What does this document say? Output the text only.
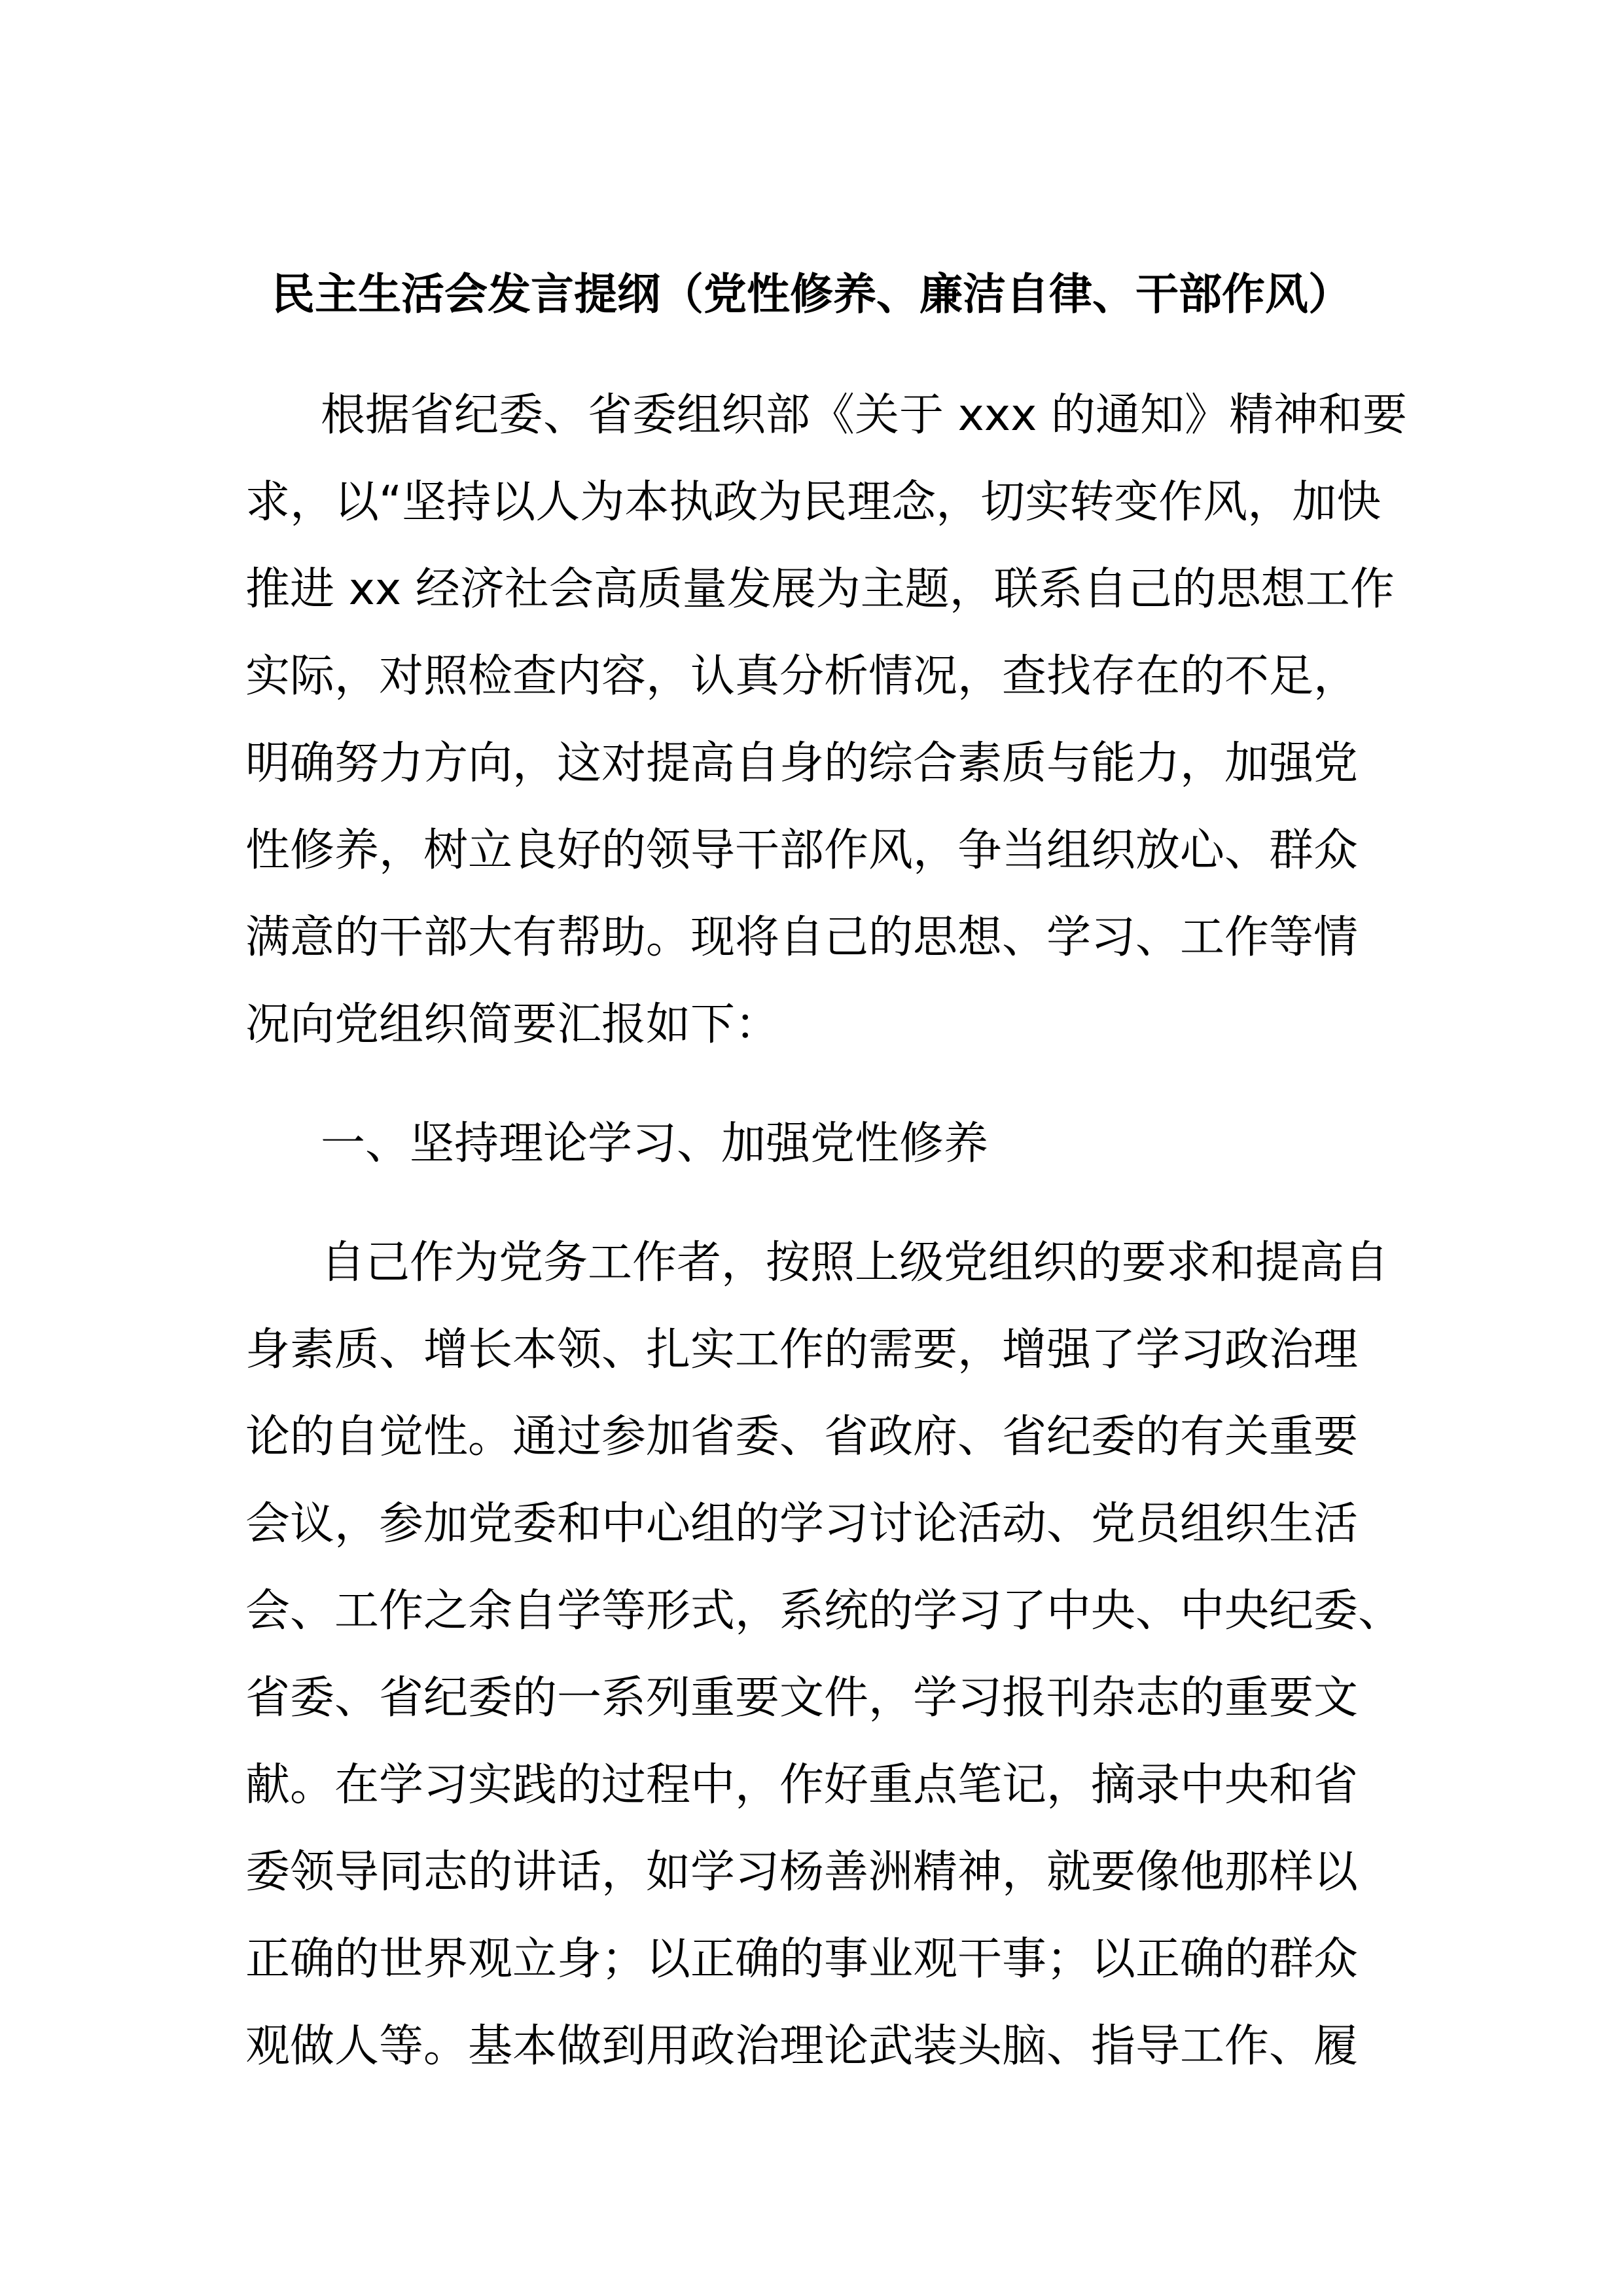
民主生活会发言提纲（党性修养、廉洁自律、干部作风）
根据省纪委、省委组织部《关于 xxx 的通知》精神和要
求，以“坚持以人为本执政为民理念，切实转变作风，加快
推进 xx 经济社会高质量发展为主题，联系自己的思想工作
实际，对照检查内容，认真分析情况，查找存在的不足，
明确努力方向，这对提高自身的综合素质与能力，加强党
性修养，树立良好的领导干部作风，争当组织放心、群众
满意的干部大有帮助。现将自己的思想、学习、工作等情
况向党组织简要汇报如下：
一、坚持理论学习、加强党性修养
自己作为党务工作者，按照上级党组织的要求和提高自
身素质、增长本领、扎实工作的需要，增强了学习政治理
论的自觉性。通过参加省委、省政府、省纪委的有关重要
会议，参加党委和中心组的学习讨论活动、党员组织生活
会、工作之余自学等形式，系统的学习了中央、中央纪委、
省委、省纪委的一系列重要文件，学习报刊杂志的重要文
献。在学习实践的过程中，作好重点笔记，摘录中央和省
委领导同志的讲话，如学习杨善洲精神，就要像他那样以
正确的世界观立身；以正确的事业观干事；以正确的群众
观做人等。基本做到用政治理论武装头脑、指导工作、履
